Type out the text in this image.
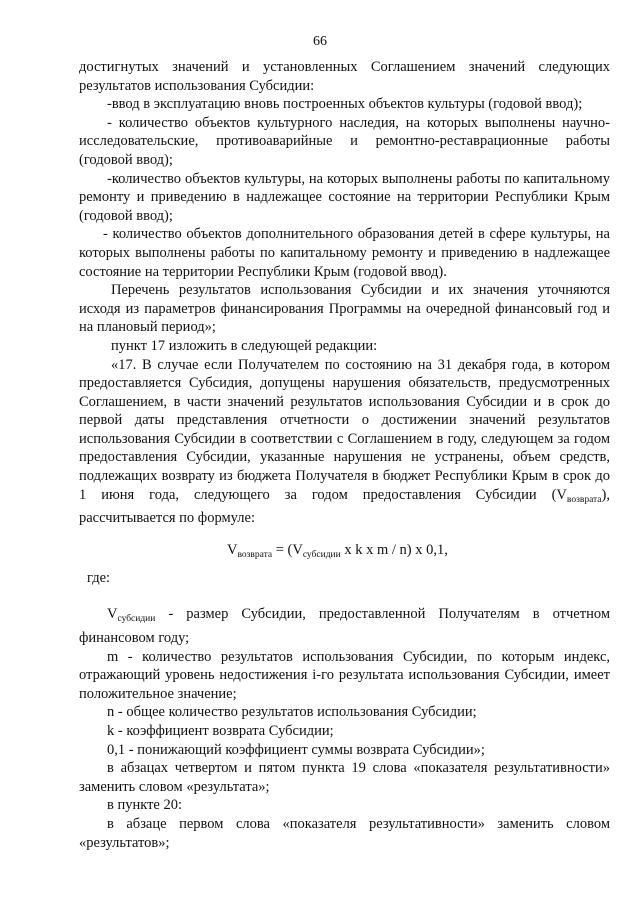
66

достигнутых значений и установленных Соглашением значений следующих результатов использования Субсидии:

-ввод в эксплуатацию вновь построенных объектов культуры (годовой ввод);

- количество объектов культурного наследия, на которых выполнены научно-исследовательские, противоаварийные и ремонтно-реставрационные работы (годовой ввод);

-количество объектов культуры, на которых выполнены работы по капитальному ремонту и приведению в надлежащее состояние на территории Республики Крым (годовой ввод);

- количество объектов дополнительного образования детей в сфере культуры, на которых выполнены работы по капитальному ремонту и приведению в надлежащее состояние на территории Республики Крым (годовой ввод).

Перечень результатов использования Субсидии и их значения уточняются исходя из параметров финансирования Программы на очередной финансовый год и на плановый период»;

пункт 17 изложить в следующей редакции:

«17. В случае если Получателем по состоянию на 31 декабря года, в котором предоставляется Субсидия, допущены нарушения обязательств, предусмотренных Соглашением, в части значений результатов использования Субсидии и в срок до первой даты представления отчетности о достижении значений результатов использования Субсидии в соответствии с Соглашением в году, следующем за годом предоставления Субсидии, указанные нарушения не устранены, объем средств, подлежащих возврату из бюджета Получателя в бюджет Республики Крым в срок до 1 июня года, следующего за годом предоставления Субсидии $(V_{возврата})$, рассчитывается по формуле:

$V_{возврата} = (V_{субсидии}$ x k x m / n) x 0,1,

где:

$V_{субсидии}$ - размер Субсидии, предоставленной Получателям в отчетном финансовом году;

m - количество результатов использования Субсидии, по которым индекс, отражающий уровень недостижения i-го результата использования Субсидии, имеет положительное значение;

n - общее количество результатов использования Субсидии;

k - коэффициент возврата Субсидии;

0,1 - понижающий коэффициент суммы возврата Субсидии»;

в абзацах четвертом и пятом пункта 19 слова «показателя результативности» заменить словом «результата»;

в пункте 20:

в абзаце первом слова «показателя результативности» заменить словом «результатов»;
